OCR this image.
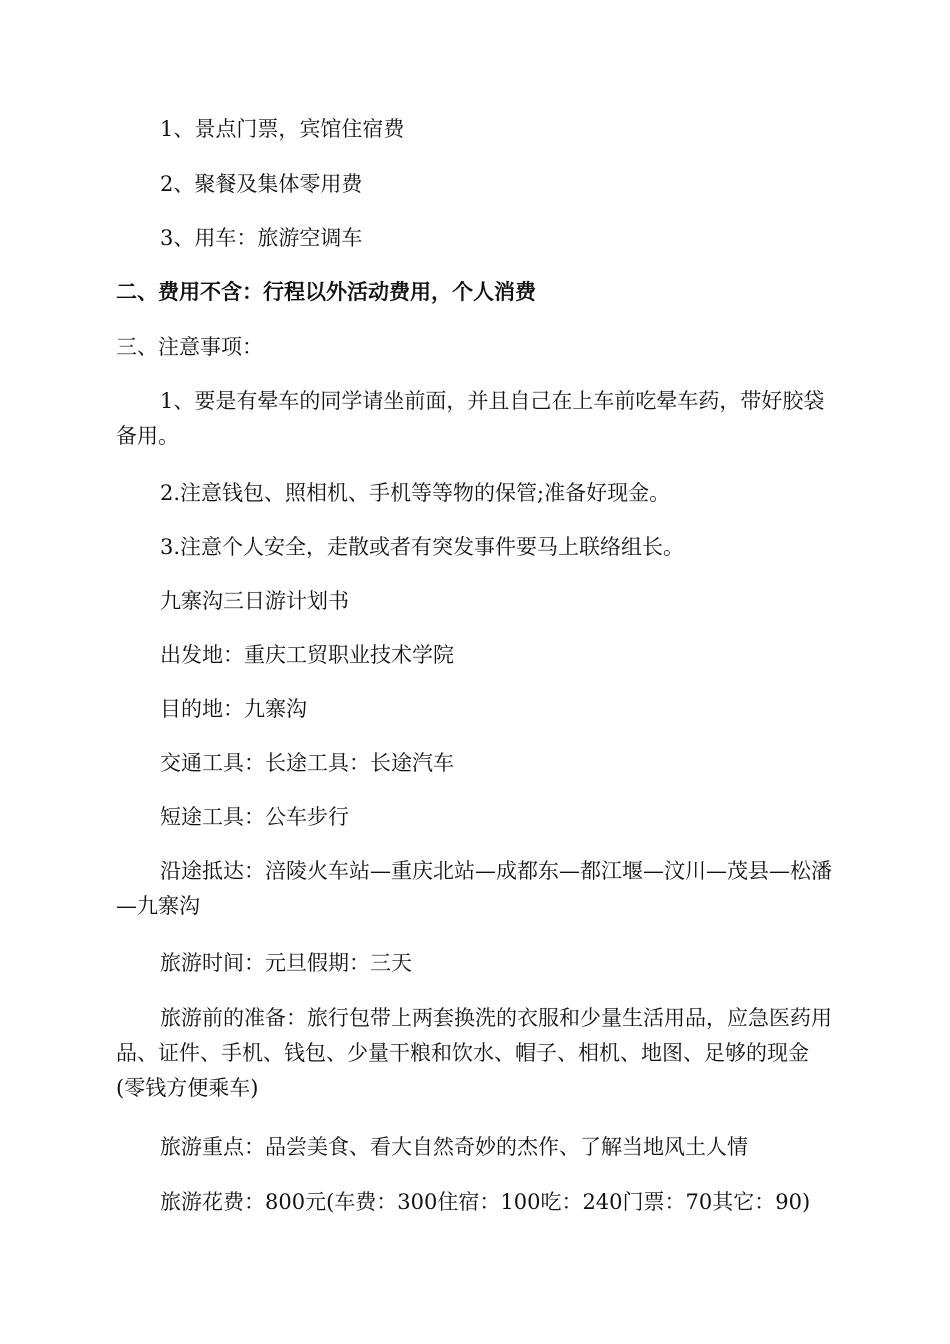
1、景点门票，宾馆住宿费

2、聚餐及集体零用费

3、用车：旅游空调车

二、费用不含：行程以外活动费用，个人消费

三、注意事项：

1、要是有晕车的同学请坐前面，并且自己在上车前吃晕车药，带好胶袋备用。

2.注意钱包、照相机、手机等等物的保管;准备好现金。

3.注意个人安全，走散或者有突发事件要马上联络组长。

九寨沟三日游计划书

出发地：重庆工贸职业技术学院

目的地：九寨沟

交通工具：长途工具：长途汽车

短途工具：公车步行

沿途抵达：涪陵火车站—重庆北站—成都东—都江堰—汶川—茂县—松潘—九寨沟

旅游时间：元旦假期：三天

旅游前的准备：旅行包带上两套换洗的衣服和少量生活用品，应急医药用品、证件、手机、钱包、少量干粮和饮水、帽子、相机、地图、足够的现金(零钱方便乘车)

旅游重点：品尝美食、看大自然奇妙的杰作、了解当地风土人情

旅游花费：800元(车费：300住宿：100吃：240门票：70其它：90)
